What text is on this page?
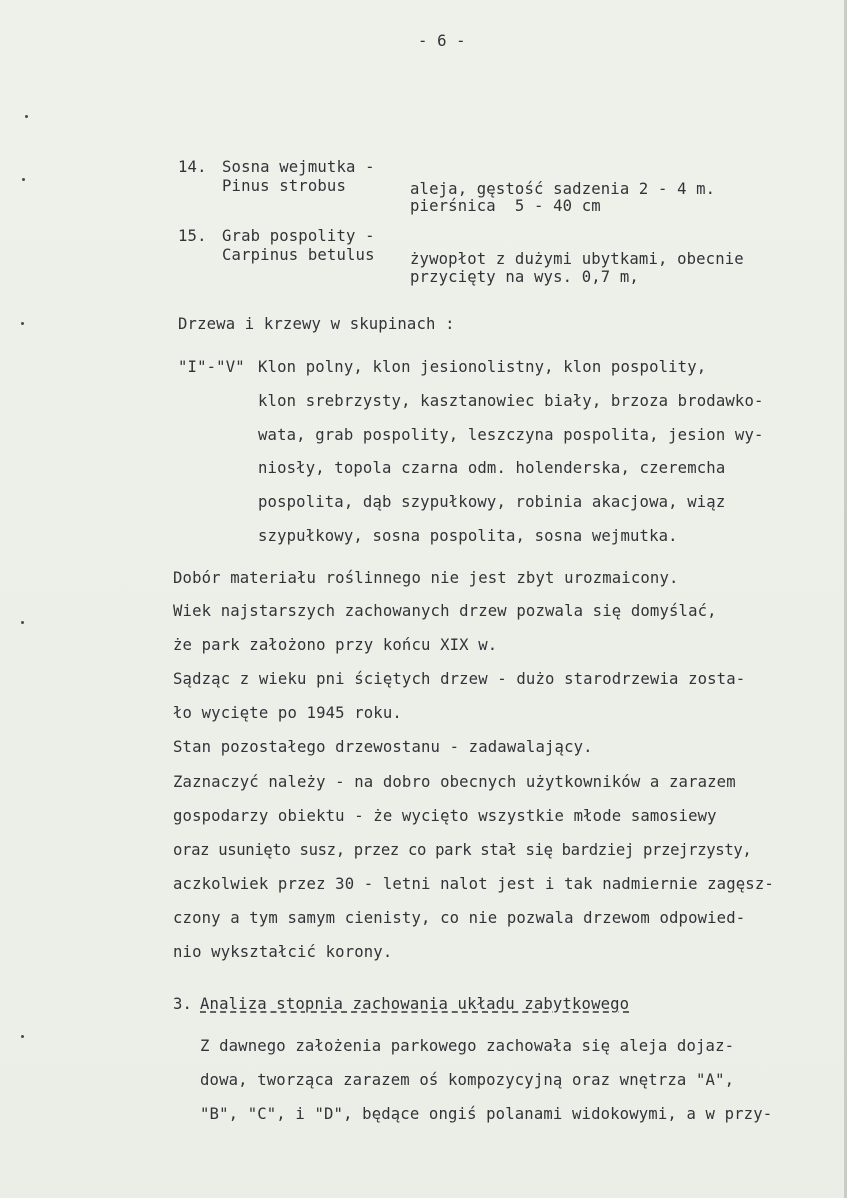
- 6 -
14. Sosna wejmutka -
Pinus strobus	aleja, gęstość sadzenia 2 - 4 m.
pierśnica  5 - 40 cm
15. Grab pospolity -
Carpinus betulus żywopłot z dużymi ubytkami, obecnie
przycięty na wys. 0,7 m,
Drzewa i krzewy w skupinach :
"I"-"V" Klon polny, klon jesionolistny, klon pospolity,
klon srebrzysty, kasztanowiec biały, brzoza brodawko-
wata, grab pospolity, leszczyna pospolita, jesion wy-
niosły, topola czarna odm. holenderska, czeremcha
pospolita, dąb szypułkowy, robinia akacjowa, wiąz
szypułkowy, sosna pospolita, sosna wejmutka.
Dobór materiału roślinnego nie jest zbyt urozmaicony.
Wiek najstarszych zachowanych drzew pozwala się domyślać,
że park założono przy końcu XIX w.
Sądząc z wieku pni ściętych drzew - dużo starodrzewia zosta-
ło wycięte po 1945 roku.
Stan pozostałego drzewostanu - zadawalający.
Zaznaczyć należy - na dobro obecnych użytkowników a zarazem
gospodarzy obiektu - że wycięto wszystkie młode samosiewy
oraz usunięto susz, przez co park stał się bardziej przejrzysty,
aczkolwiek przez 30 - letni nalot jest i tak nadmiernie zagęsz-
czony a tym samym cienisty, co nie pozwala drzewom odpowied-
nio wykształcić korony.
3. Analiza stopnia zachowania układu zabytkowego
Z dawnego założenia parkowego zachowała się aleja dojaz-
dowa, tworząca zarazem oś kompozycyjną oraz wnętrza "A",
"B", "C", i "D", będące ongiś polanami widokowymi, a w przy-
